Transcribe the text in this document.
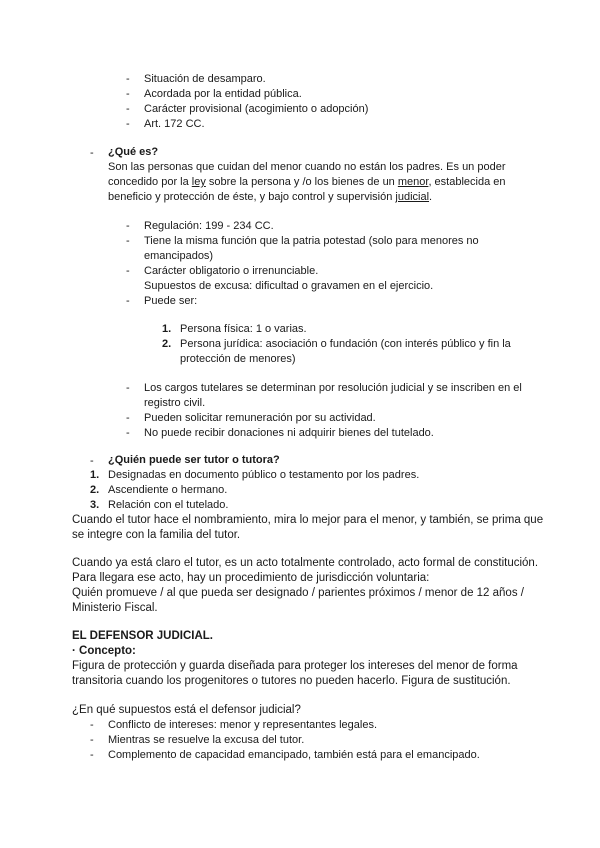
- Situación de desamparo.
- Acordada por la entidad pública.
- Carácter provisional (acogimiento o adopción)
- Art. 172 CC.
- ¿Qué es?
Son las personas que cuidan del menor cuando no están los padres. Es un poder
concedido por la ley sobre la persona y /o los bienes de un menor, establecida en
beneficio y protección de éste, y bajo control y supervisión judicial.
- Regulación: 199 - 234 CC.
- Tiene la misma función que la patria potestad (solo para menores no
emancipados)
- Carácter obligatorio o irrenunciable.
Supuestos de excusa: dificultad o gravamen en el ejercicio.
- Puede ser:
1. Persona física: 1 o varias.
2. Persona jurídica: asociación o fundación (con interés público y fin la
protección de menores)
- Los cargos tutelares se determinan por resolución judicial y se inscriben en el
registro civil.
- Pueden solicitar remuneración por su actividad.
- No puede recibir donaciones ni adquirir bienes del tutelado.
- ¿Quién puede ser tutor o tutora?
1. Designadas en documento público o testamento por los padres.
2. Ascendiente o hermano.
3. Relación con el tutelado.
Cuando el tutor hace el nombramiento, mira lo mejor para el menor, y también, se prima que
se integre con la familia del tutor.
Cuando ya está claro el tutor, es un acto totalmente controlado, acto formal de constitución.
Para llegara ese acto, hay un procedimiento de jurisdicción voluntaria:
Quién promueve / al que pueda ser designado / parientes próximos / menor de 12 años /
Ministerio Fiscal.
EL DEFENSOR JUDICIAL.
· Concepto:
Figura de protección y guarda diseñada para proteger los intereses del menor de forma
transitoria cuando los progenitores o tutores no pueden hacerlo. Figura de sustitución.
¿En qué supuestos está el defensor judicial?
- Conflicto de intereses: menor y representantes legales.
- Mientras se resuelve la excusa del tutor.
- Complemento de capacidad emancipado, también está para el emancipado.
